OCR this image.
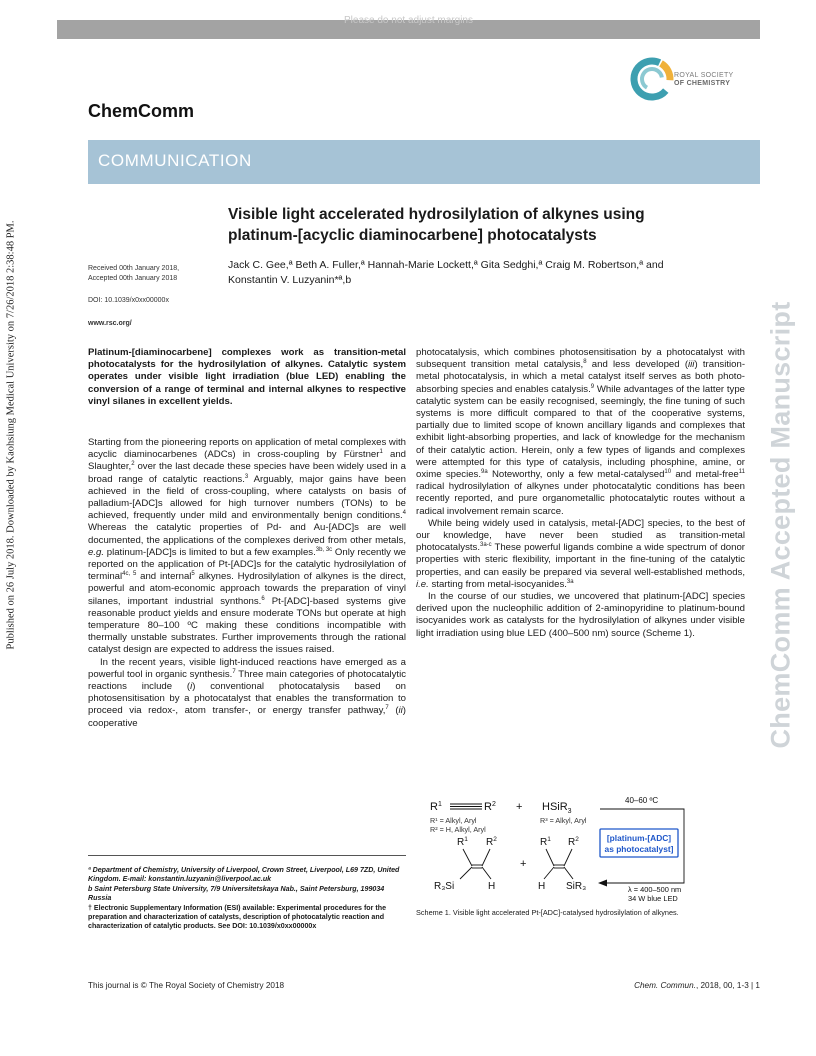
Please do not adjust margins
Published on 26 July 2018. Downloaded by Kaohsiung Medical University on 7/26/2018 2:38:48 PM.	ChemComm Accepted Manuscript
ChemComm
ROYAL SOCIETY
OF CHEMISTRY
COMMUNICATION
Visible light accelerated hydrosilylation of alkynes using
platinum-[acyclic diaminocarbene] photocatalysts
Jack C. Gee,ª Beth A. Fuller,ª Hannah-Marie Lockett,ª Gita Sedghi,ª Craig M. Robertson,ª and
Konstantin V. Luzyanin*ª,b
Received 00th January 2018,
Accepted 00th January 2018
DOI: 10.1039/x0xx00000x
www.rsc.org/
Platinum-[diaminocarbene] complexes work as transition-metal photocatalysts for the hydrosilylation of alkynes. Catalytic system operates under visible light irradiation (blue LED) enabling the conversion of a range of terminal and internal alkynes to respective vinyl silanes in excellent yields.

Starting from the pioneering reports on application of metal complexes with acyclic diaminocarbenes (ADCs) in cross-coupling by Fürstner$^1$ and Slaughter,$^2$ over the last decade these species have been widely used in a broad range of catalytic reactions.$^3$ Arguably, major gains have been achieved in the field of cross-coupling, where catalysts on basis of palladium-[ADC]s allowed for high turnover numbers (TONs) to be achieved, frequently under mild and environmentally benign conditions.$^4$ Whereas the catalytic properties of Pd- and Au-[ADC]s are well documented, the applications of the complexes derived from other metals, e.g. platinum-[ADC]s is limited to but a few examples.$^{3b, 3c}$ Only recently we reported on the application of Pt-[ADC]s for the catalytic hydrosilylation of terminal$^{4c, 5}$ and internal$^5$ alkynes. Hydrosilylation of alkynes is the direct, powerful and atom-economic approach towards the preparation of vinyl silanes, important industrial synthons.$^6$ Pt-[ADC]-based systems give reasonable product yields and ensure moderate TONs but operate at high temperature 80–100 ºC making these conditions incompatible with thermally unstable substrates. Further improvements through the rational catalyst design are expected to address the issues raised.

In the recent years, visible light-induced reactions have emerged as a powerful tool in organic synthesis.$^7$ Three main categories of photocatalytic reactions include (i) conventional photocatalysis based on photosensitisation by a photocatalyst that enables the transformation to proceed via redox-, atom transfer-, or energy transfer pathway,$^7$ (ii) cooperative

photocatalysis, which combines photosensitisation by a photocatalyst with subsequent transition metal catalysis,$^8$ and less developed (iii) transition-metal photocatalysis, in which a metal catalyst itself serves as both photo-absorbing species and enables catalysis.$^9$ While advantages of the latter type catalytic system can be easily recognised, seemingly, the fine tuning of such systems is more difficult compared to that of the cooperative systems, partially due to limited scope of known ancillary ligands and complexes that exhibit light-absorbing properties, and lack of knowledge for the mechanism of their catalytic action. Herein, only a few types of ligands and complexes were attempted for this type of catalysis, including phosphine, amine, or oxime species.$^{9a}$ Noteworthy, only a few metal-catalysed$^{10}$ and metal-free$^{11}$ radical hydrosilylation of alkynes under photocatalytic conditions has been recently reported, and pure organometallic photocatalytic routes without a radical involvement remain scarce.

While being widely used in catalysis, metal-[ADC] species, to the best of our knowledge, have never been studied as transition-metal photocatalysts.$^{3a-c}$ These powerful ligands combine a wide spectrum of donor properties with steric flexibility, important in the fine-tuning of the catalytic properties, and can easily be prepared via several well-established methods, i.e. starting from metal-isocyanides.$^{3a}$

In the course of our studies, we uncovered that platinum-[ADC] species derived upon the nucleophilic addition of 2-aminopyridine to platinum-bound isocyanides work as catalysts for the hydrosilylation of alkynes under visible light irradiation using blue LED (400–500 nm) source (Scheme 1).

$R^1$	$R^2$ + HSiR$_3$
R¹ = Alkyl, Aryl
R² = H, Alkyl, Aryl
R³ = Alkyl, Aryl
40–60 ºC
[platinum-[ADC]
as photocatalyst]
λ = 400–500 nm
34 W blue LED
$R^1$ $R^2$
R₃Si	H
+
$R^1$ $R^2$
H SiR₃
Scheme 1. Visible light accelerated Pt-[ADC]-catalysed hydrosilylation of alkynes.
ª Department of Chemistry, University of Liverpool, Crown Street, Liverpool, L69 7ZD, United Kingdom. E-mail: konstantin.luzyanin@liverpool.ac.uk
b Saint Petersburg State University, 7/9 Universitetskaya Nab., Saint Petersburg, 199034 Russia
† Electronic Supplementary Information (ESI) available: Experimental procedures for the preparation and characterization of catalysts, description of photocatalytic reaction and characterization of catalytic products. See DOI: 10.1039/x0xx00000x
This journal is © The Royal Society of Chemistry 2018	Chem. Commun., 2018, 00, 1-3 | 1
